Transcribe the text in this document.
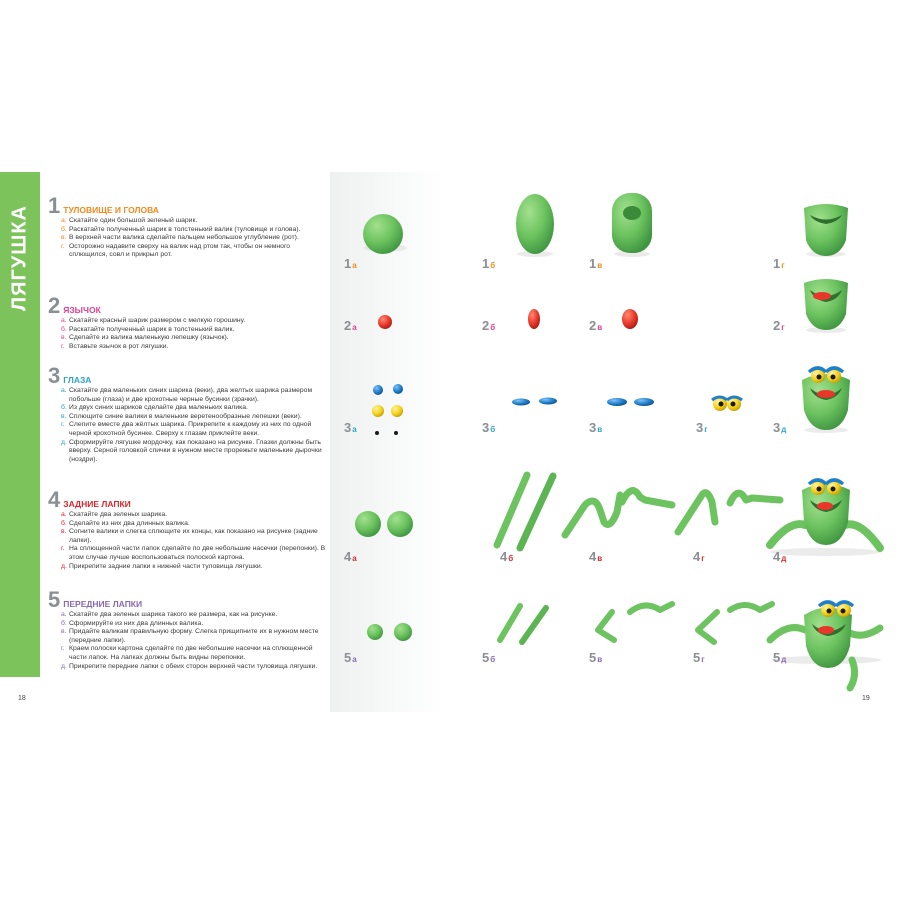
ЛЯГУШКА 1 ТУЛОВИЩЕ И ГОЛОВА
а. Скатайте один большой зеленый шарик.
б. Раскатайте полученный шарик в толстенький валик (туловище и голова).
в. В верхней части валика сделайте пальцем небольшое углубление (рот).
г. Осторожно надавите сверху на валик над ртом так, чтобы он немного сплющился, совл и прикрыл рот.
2 ЯЗЫЧОК
а. Скатайте красный шарик размером с мелкую горошину.
б. Раскатайте полученный шарик в толстенький валик.
в. Сделайте из валика маленькую лепешку (язычок).
г. Вставьте язычок в рот лягушки.
3 ГЛАЗА
а. Скатайте два маленьких синих шарика (веки), два желтых шарика размером побольше (глаза) и две крохотные черные бусинки (зрачки).
б. Из двух синих шариков сделайте два маленьких валика.
в. Сплющите синие валики в маленькие веретенообразные лепешки (веки).
г. Слепите вместе два жёлтых шарика. Прикрепите к каждому из них по одной черной крохотной бусинке. Сверху к глазам приклейте веки.
д. Сформируйте лягушке мордочку, как показано на рисунке. Глазки должны быть вверху. Серной головкой спички в нужном месте прорежьте маленькие дырочки (ноздри).
4 ЗАДНИЕ ЛАПКИ
а. Скатайте два зеленых шарика.
б. Сделайте из них два длинных валика.
в. Согните валики и слегка сплющите их концы, как показано на рисунке (задние лапки).
г. На сплющенной части лапок сделайте по две небольшие насечки (перепонки). В этом случае лучше воспользоваться полоской картона.
д. Прикрепите задние лапки к нижней части туловища лягушки.
5 ПЕРЕДНИЕ ЛАПКИ
а. Скатайте два зеленых шарика такого же размера, как на рисунке.
б. Сформируйте из них два длинных валика.
в. Придайте валикам правильную форму. Слегка прищипните их в нужном месте (передние лапки).
г. Краем полоски картона сделайте по две небольшие насечки на сплющенной части лапок. На лапках должны быть видны перепонки.
д. Прикрепите передние лапки с обеих сторон верхней части туловища лягушки.
18	19
1а	1б	1в	1г
2а	2б	2в	2г
3а	3б	3в	3г	3д
4а	4б	4в	4г	4д
5а	5б	5в	5г	5д
